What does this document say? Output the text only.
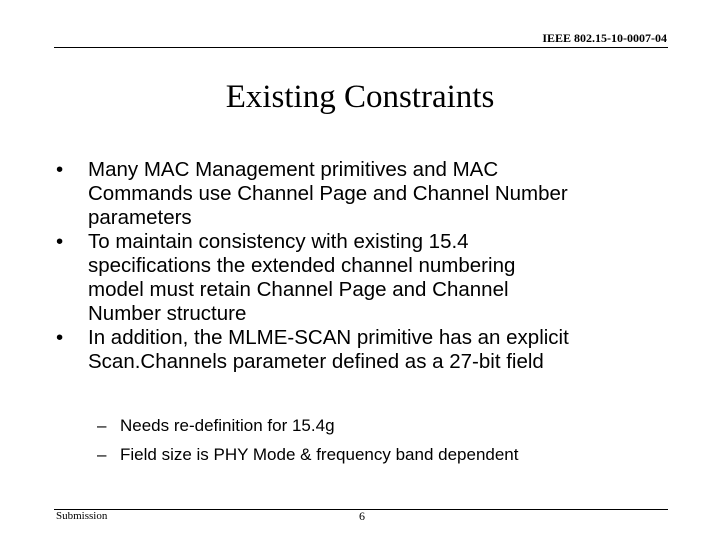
IEEE 802.15-10-0007-04
Existing Constraints
• Many MAC Management primitives and MAC
Commands use Channel Page and Channel Number
parameters
• To maintain consistency with existing 15.4
specifications the extended channel numbering
model must retain Channel Page and Channel
Number structure
• In addition, the MLME-SCAN primitive has an explicit
Scan.Channels parameter defined as a 27-bit field
– Needs re-definition for 15.4g
– Field size is PHY Mode & frequency band dependent
Submission	6
